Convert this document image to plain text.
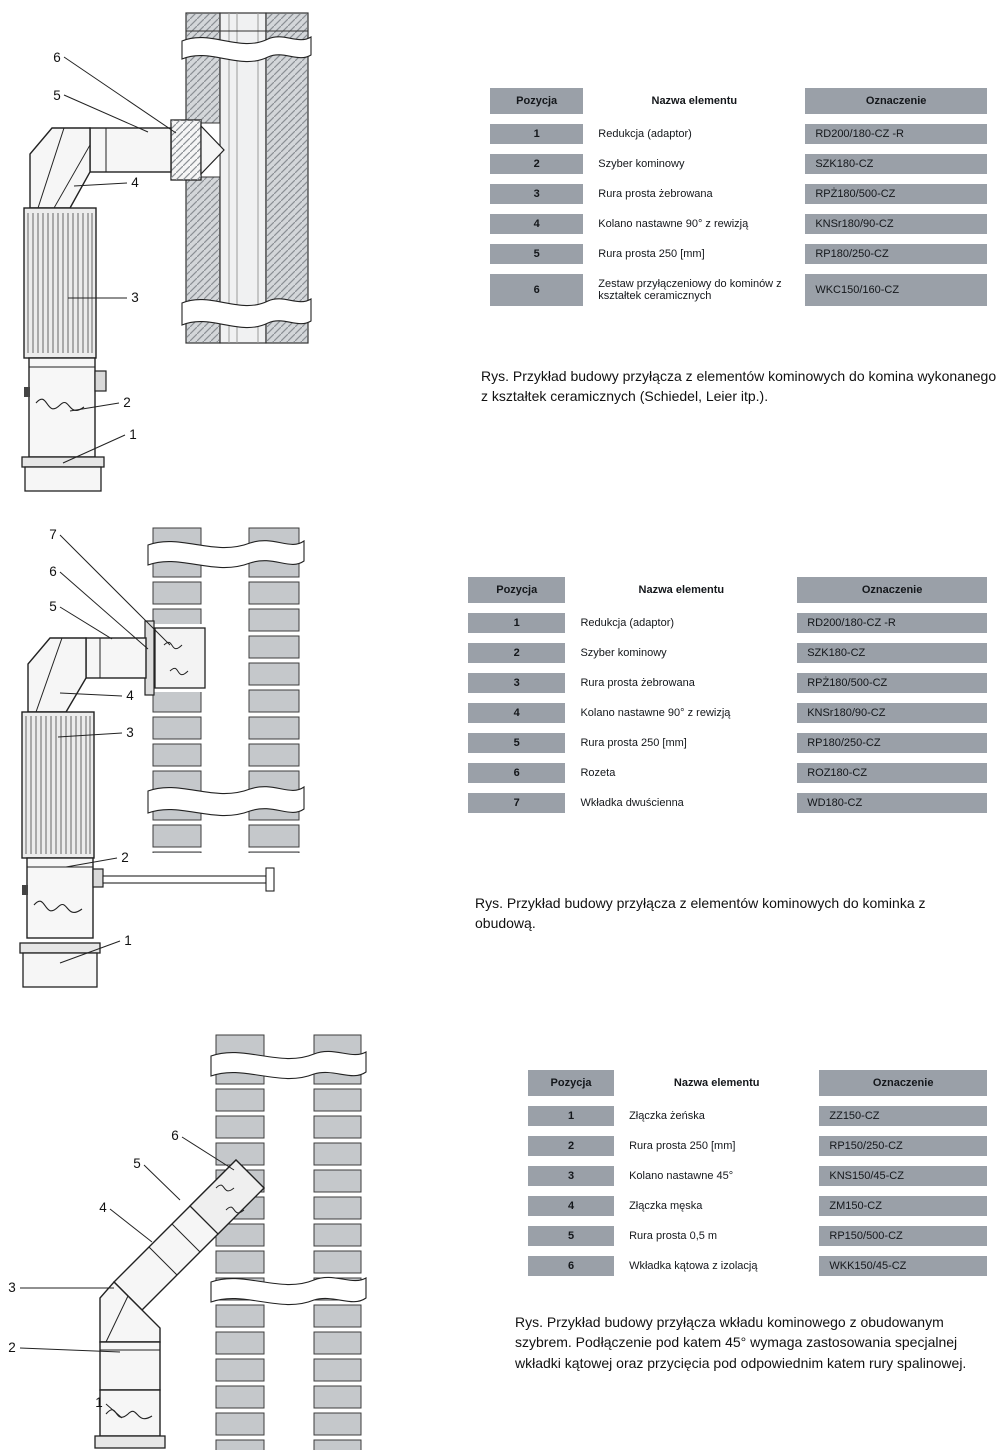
6
5
4
3
2
1
Pozycja	Nazwa elementu	Oznaczenie
1	Redukcja (adaptor)	RD200/180-CZ -R
2	Szyber kominowy	SZK180-CZ
3	Rura prosta żebrowana	RPŻ180/500-CZ
4	Kolano nastawne 90° z rewizją	KNSr180/90-CZ
5	Rura prosta 250 [mm]	RP180/250-CZ
6	Zestaw przyłączeniowy do kominów z kształtek ceramicznych	WKC150/160-CZ

Rys. Przykład budowy przyłącza z elementów kominowych do komina wykonanego z kształtek ceramicznych (Schiedel, Leier itp.).

7
6
5
4
3
2
1
Pozycja	Nazwa elementu	Oznaczenie
1	Redukcja (adaptor)	RD200/180-CZ -R
2	Szyber kominowy	SZK180-CZ
3	Rura prosta żebrowana	RPŻ180/500-CZ
4	Kolano nastawne 90° z rewizją	KNSr180/90-CZ
5	Rura prosta 250 [mm]	RP180/250-CZ
6	Rozeta	ROZ180-CZ
7	Wkładka dwuścienna	WD180-CZ

Rys. Przykład budowy przyłącza z elementów kominowych do kominka z obudową.

6
5
4
3
2
1
Pozycja	Nazwa elementu	Oznaczenie
1	Złączka żeńska	ZZ150-CZ
2	Rura prosta 250 [mm]	RP150/250-CZ
3	Kolano nastawne 45°	KNS150/45-CZ
4	Złączka męska	ZM150-CZ
5	Rura prosta 0,5 m	RP150/500-CZ
6	Wkładka kątowa z izolacją	WKK150/45-CZ

Rys. Przykład budowy przyłącza wkładu kominowego z obudowanym szybrem. Podłączenie pod katem 45° wymaga zastosowania specjalnej wkładki kątowej oraz przycięcia pod odpowiednim katem rury spalinowej.
